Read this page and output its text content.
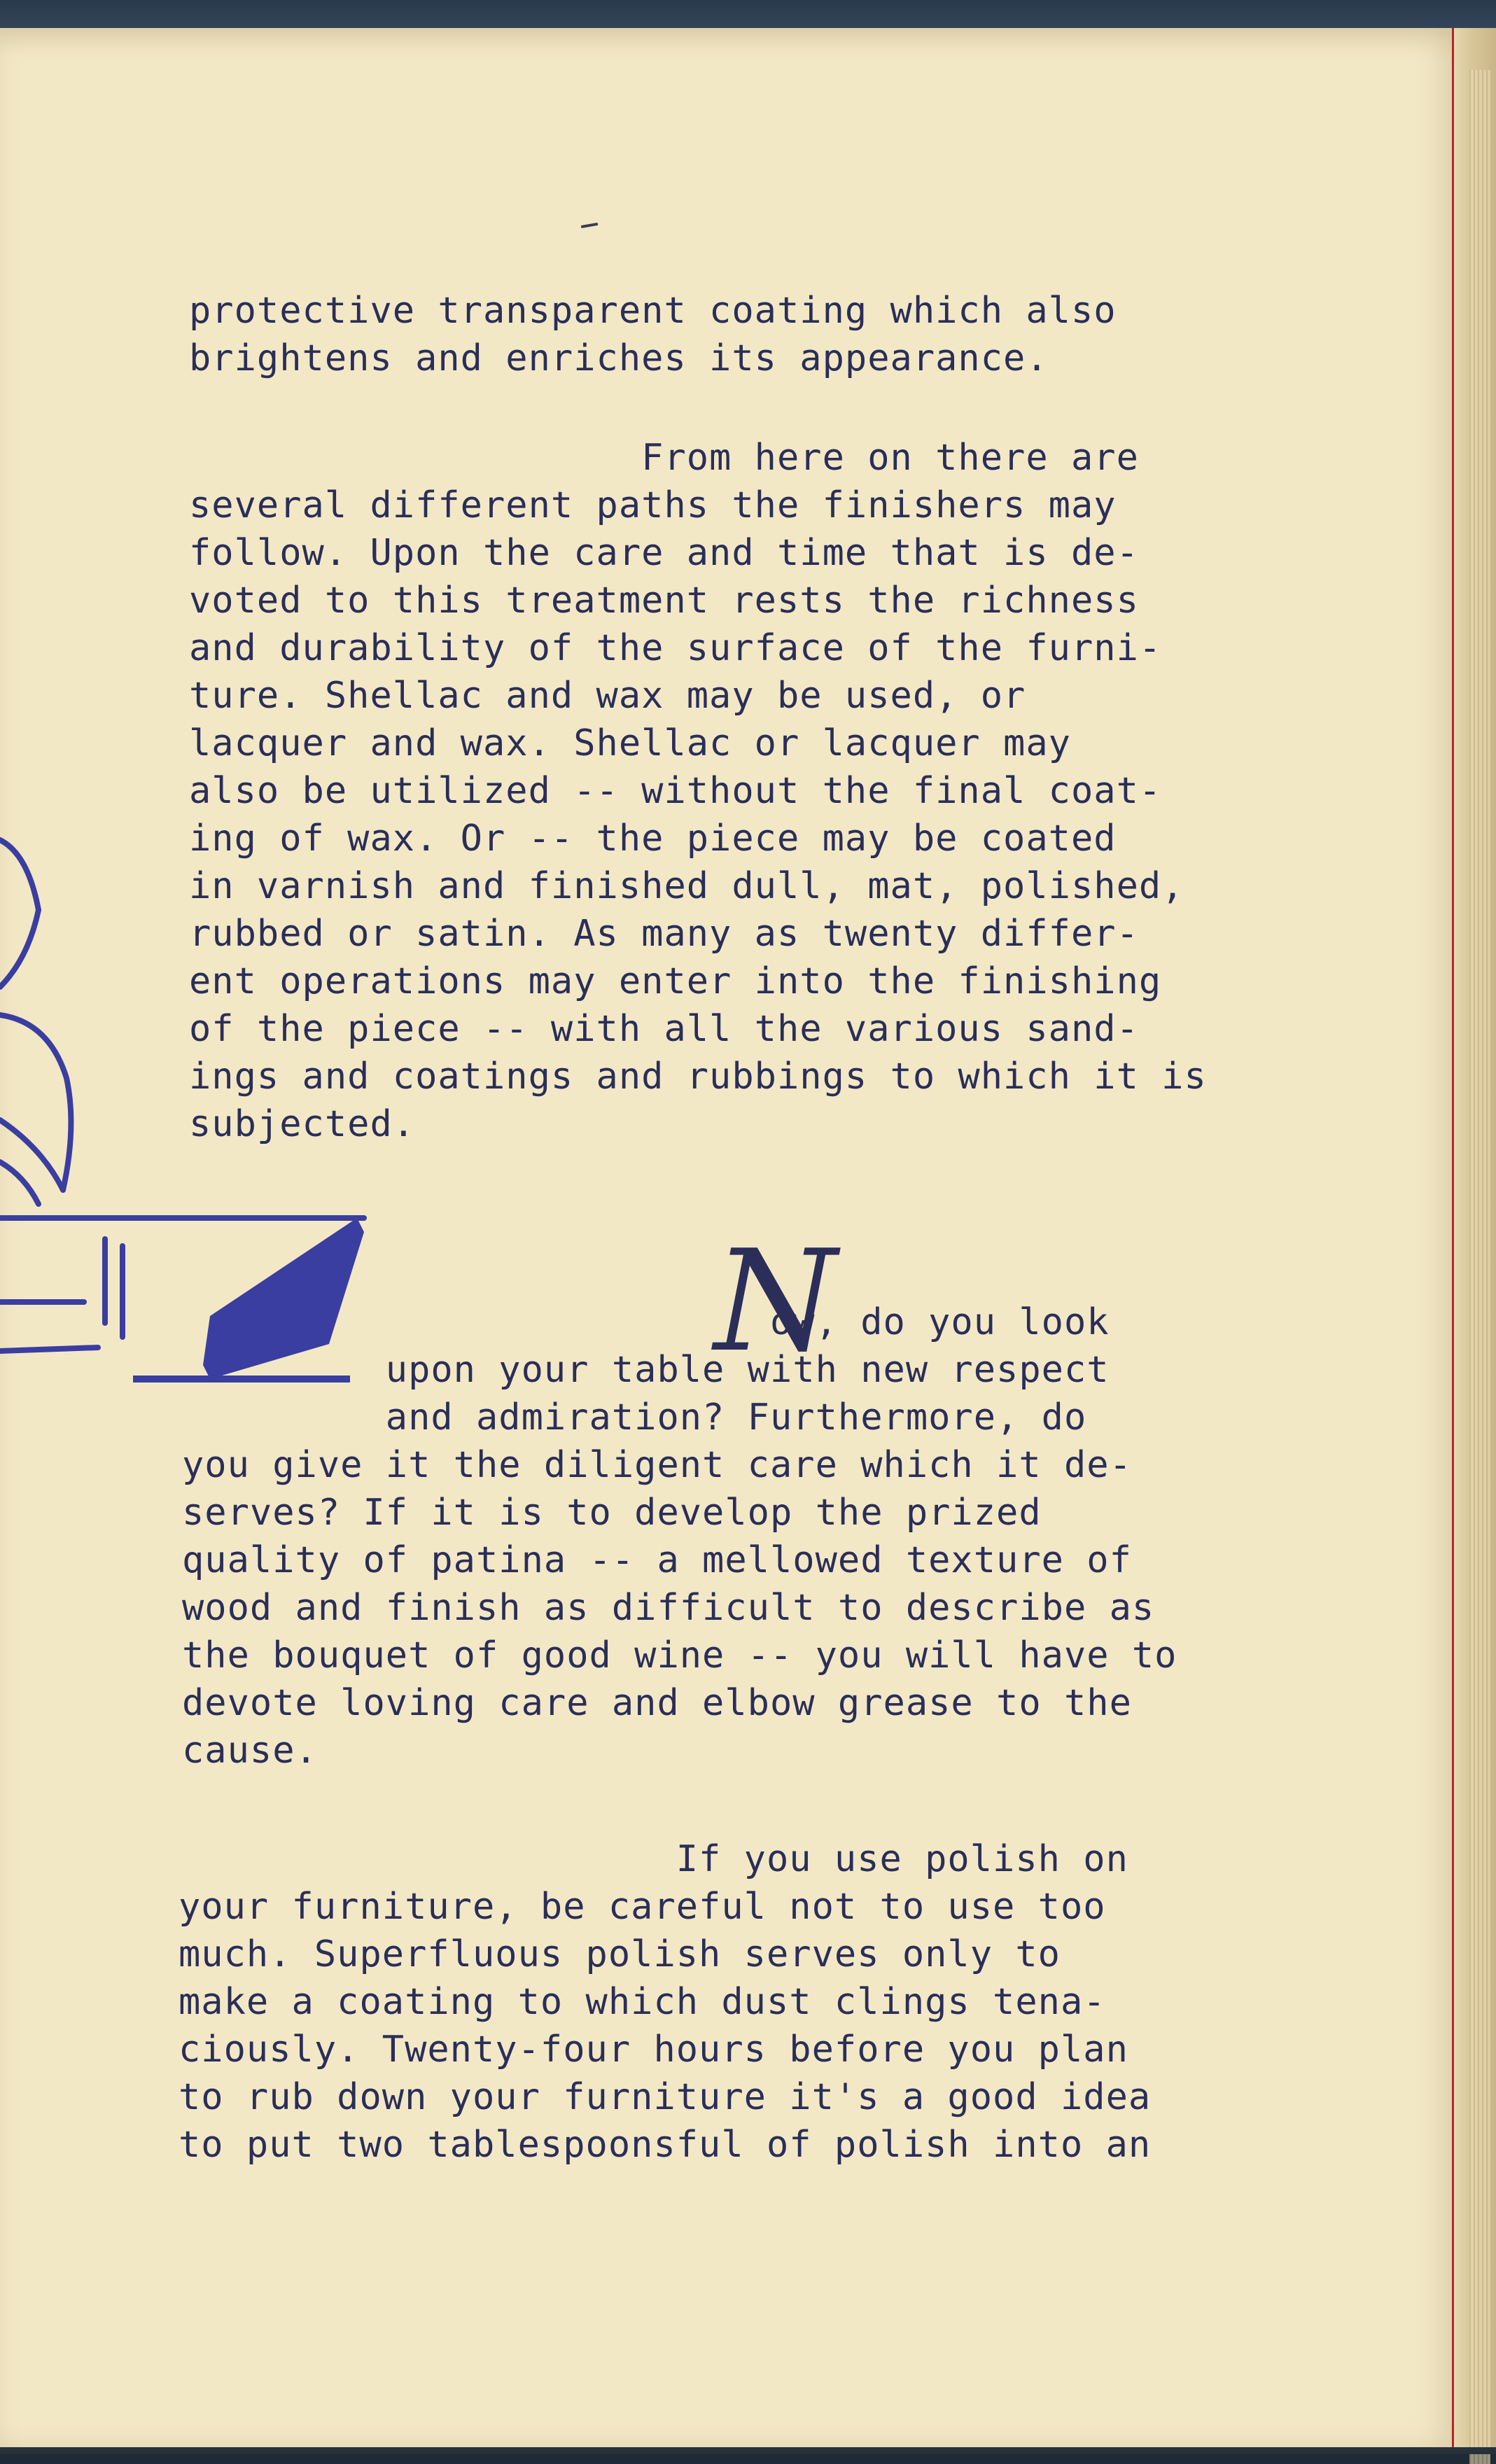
protective transparent coating which also
brightens and enriches its appearance.
From here on there are
several different paths the finishers may
follow. Upon the care and time that is de-
voted to this treatment rests the richness
and durability of the surface of the furni-
ture. Shellac and wax may be used, or
lacquer and wax. Shellac or lacquer may
also be utilized -- without the final coat-
ing of wax. Or -- the piece may be coated
in varnish and finished dull, mat, polished,
rubbed or satin. As many as twenty differ-
ent operations may enter into the finishing
of the piece -- with all the various sand-
ings and coatings and rubbings to which it is
subjected.
N
ow, do you look
upon your table with new respect
and admiration? Furthermore, do
you give it the diligent care which it de-
serves? If it is to develop the prized
quality of patina -- a mellowed texture of
wood and finish as difficult to describe as
the bouquet of good wine -- you will have to
devote loving care and elbow grease to the
cause.
If you use polish on
your furniture, be careful not to use too
much. Superfluous polish serves only to
make a coating to which dust clings tena-
ciously. Twenty-four hours before you plan
to rub down your furniture it's a good idea
to put two tablespoonsful of polish into an
